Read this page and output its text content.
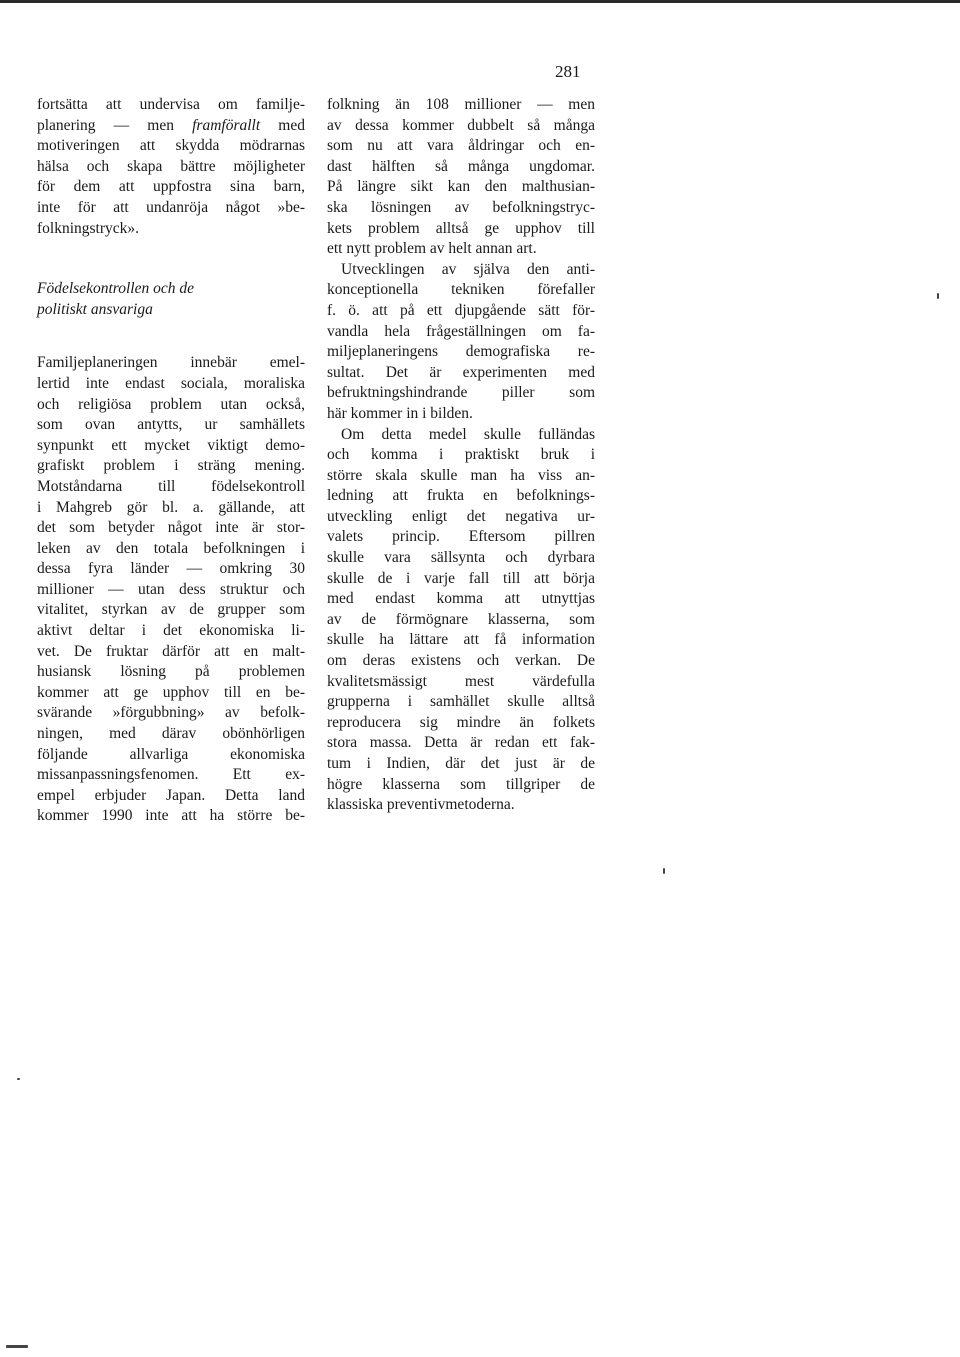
281
fortsätta att undervisa om familje-
planering — men framförallt med
motiveringen att skydda mödrarnas
hälsa och skapa bättre möjligheter
för dem att uppfostra sina barn,
inte för att undanröja något »be-
folkningstryck».
Födelsekontrollen och de
politiskt ansvariga
Familjeplaneringen innebär emel-
lertid inte endast sociala, moraliska
och religiösa problem utan också,
som ovan antytts, ur samhällets
synpunkt ett mycket viktigt demo-
grafiskt problem i sträng mening.
Motståndarna till födelsekontroll
i Mahgreb gör bl. a. gällande, att
det som betyder något inte är stor-
leken av den totala befolkningen i
dessa fyra länder — omkring 30
millioner — utan dess struktur och
vitalitet, styrkan av de grupper som
aktivt deltar i det ekonomiska li-
vet. De fruktar därför att en malt-
husiansk lösning på problemen
kommer att ge upphov till en be-
svärande »förgubbning» av befolk-
ningen, med därav obönhörligen
följande allvarliga ekonomiska
missanpassningsfenomen. Ett ex-
empel erbjuder Japan. Detta land
kommer 1990 inte att ha större be-
folkning än 108 millioner — men
av dessa kommer dubbelt så många
som nu att vara åldringar och en-
dast hälften så många ungdomar.
På längre sikt kan den malthusian-
ska lösningen av befolkningstryc-
kets problem alltså ge upphov till
ett nytt problem av helt annan art.
Utvecklingen av själva den anti-
konceptionella tekniken förefaller
f. ö. att på ett djupgående sätt för-
vandla hela frågeställningen om fa-
miljeplaneringens demografiska re-
sultat. Det är experimenten med
befruktningshindrande piller som
här kommer in i bilden.
Om detta medel skulle fulländas
och komma i praktiskt bruk i
större skala skulle man ha viss an-
ledning att frukta en befolknings-
utveckling enligt det negativa ur-
valets princip. Eftersom pillren
skulle vara sällsynta och dyrbara
skulle de i varje fall till att börja
med endast komma att utnyttjas
av de förmögnare klasserna, som
skulle ha lättare att få information
om deras existens och verkan. De
kvalitetsmässigt mest värdefulla
grupperna i samhället skulle alltså
reproducera sig mindre än folkets
stora massa. Detta är redan ett fak-
tum i Indien, där det just är de
högre klasserna som tillgriper de
klassiska preventivmetoderna.
